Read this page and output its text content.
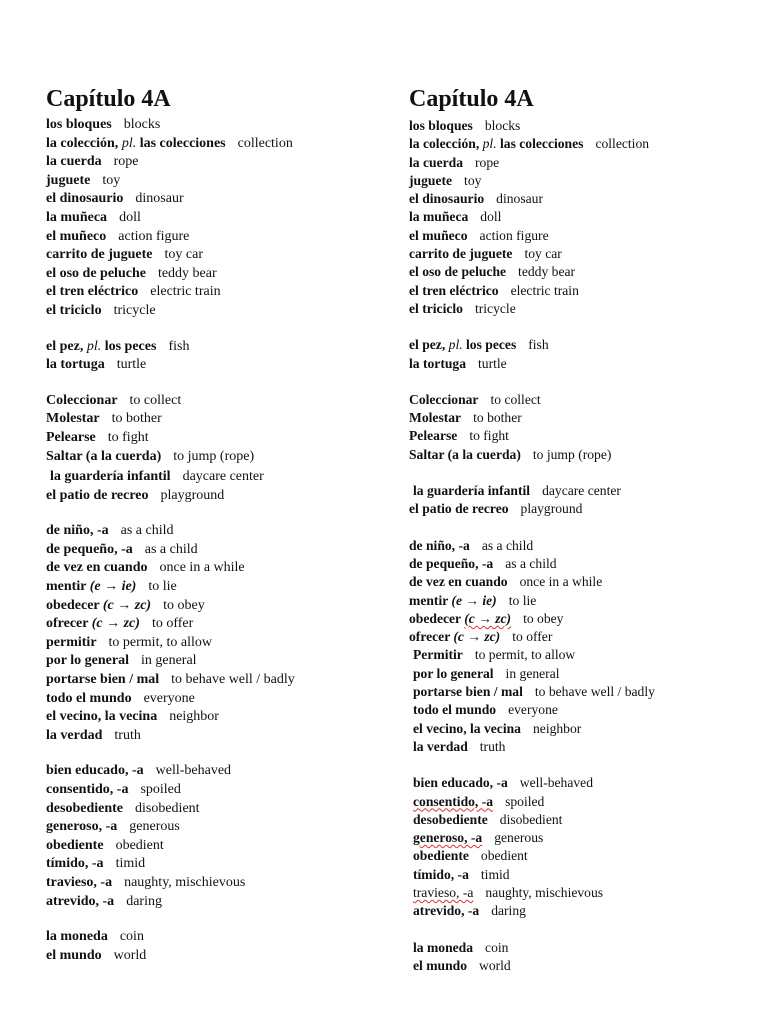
Capítulo 4A
los bloques blocks
la colección, pl. las colecciones collection
la cuerda rope
juguete toy
el dinosaurio dinosaur
la muñeca doll
el muñeco action figure
carrito de juguete toy car
el oso de peluche teddy bear
el tren eléctrico electric train
el triciclo tricycle
el pez, pl. los peces fish
la tortuga turtle
Coleccionar to collect
Molestar to bother
Pelearse to fight
Saltar (a la cuerda) to jump (rope)
la guardería infantil daycare center
el patio de recreo playground
de niño, -a as a child
de pequeño, -a as a child
de vez en cuando once in a while
mentir (e → ie) to lie
obedecer (c → zc) to obey
ofrecer (c → zc) to offer
permitir to permit, to allow
por lo general in general
portarse bien / mal to behave well / badly
todo el mundo everyone
el vecino, la vecina neighbor
la verdad truth
bien educado, -a well-behaved
consentido, -a spoiled
desobediente disobedient
generoso, -a generous
obediente obedient
tímido, -a timid
travieso, -a naughty, mischievous
atrevido, -a daring
la moneda coin
el mundo world
Capítulo 4A
los bloques blocks
la colección, pl. las colecciones collection
la cuerda rope
juguete toy
el dinosaurio dinosaur
la muñeca doll
el muñeco action figure
carrito de juguete toy car
el oso de peluche teddy bear
el tren eléctrico electric train
el triciclo tricycle
el pez, pl. los peces fish
la tortuga turtle
Coleccionar to collect
Molestar to bother
Pelearse to fight
Saltar (a la cuerda) to jump (rope)
la guardería infantil daycare center
el patio de recreo playground
de niño, -a as a child
de pequeño, -a as a child
de vez en cuando once in a while
mentir (e → ie) to lie
obedecer (c → zc) to obey
ofrecer (c → zc) to offer
Permitir to permit, to allow
por lo general in general
portarse bien / mal to behave well / badly
todo el mundo everyone
el vecino, la vecina neighbor
la verdad truth
bien educado, -a well-behaved
consentido, -a spoiled
desobediente disobedient
generoso, -a generous
obediente obedient
tímido, -a timid
travieso, -a naughty, mischievous
atrevido, -a daring
la moneda coin
el mundo world
